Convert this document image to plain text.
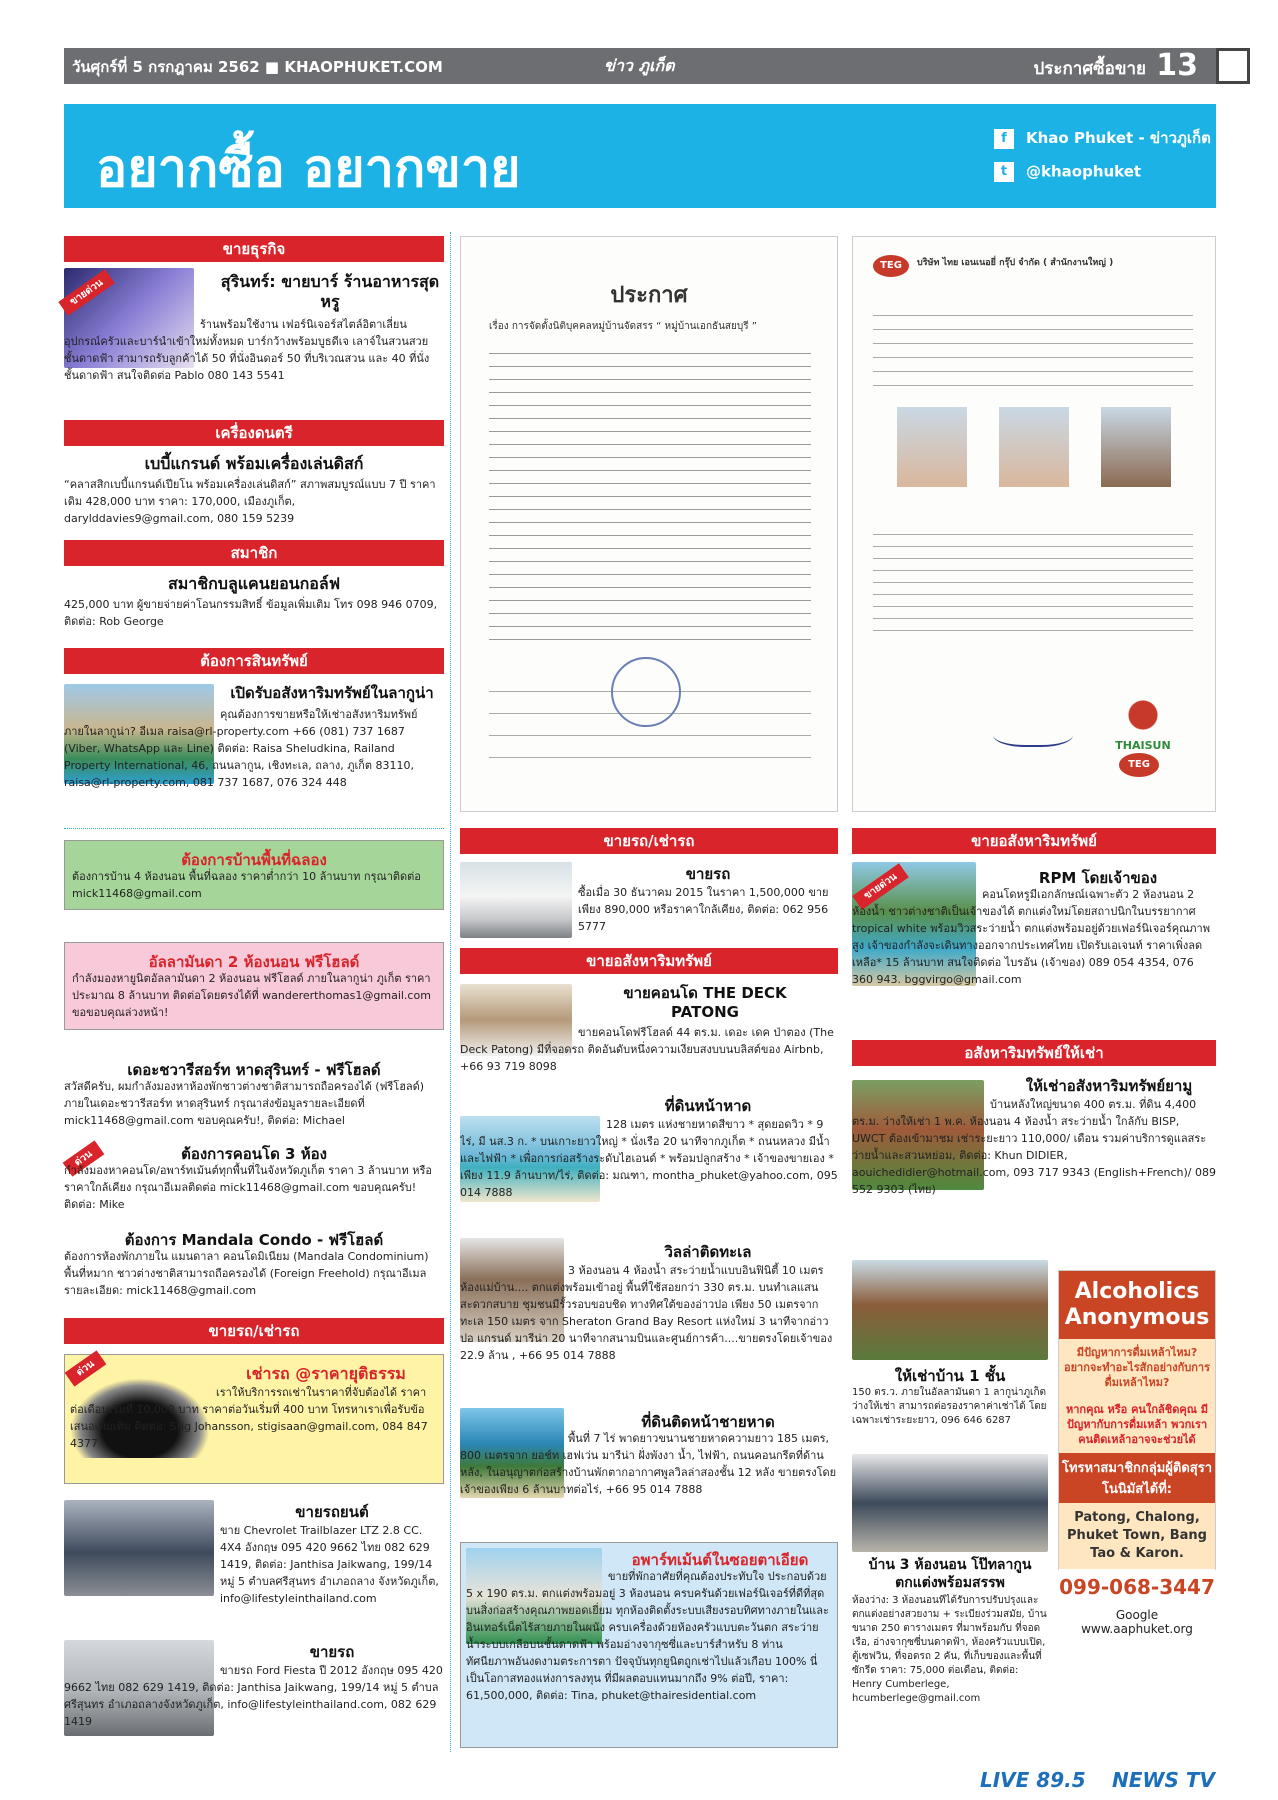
วันศุกร์ที่ 5 กรกฎาคม 2562 ■ KHAOPHUKET.COM	ข่าว ภูเก็ต	ประกาศซื้อขาย 13
อยากซื้อ อยากขาย
f Khao Phuket - ข่าวภูเก็ต
t @khaophuket
ขายธุรกิจ
ขายด่วน	สุรินทร์: ขายบาร์ ร้านอาหารสุดหรู
ร้านพร้อมใช้งาน เฟอร์นิเจอร์สไตล์อิตาเลี่ยน อุปกรณ์ครัวและบาร์นำเข้าใหม่ทั้งหมด บาร์กว้างพร้อมบูธดีเจ เลาจ์ในสวนสวย ชั้นดาดฟ้า สามารถรับลูกค้าได้ 50 ที่นั่งอินดอร์ 50 ที่บริเวณสวน และ 40 ที่นั่งชั้นดาดฟ้า สนใจติดต่อ Pablo 080 143 5541
เครื่องดนตรี
เบบี้แกรนด์ พร้อมเครื่องเล่นดิสก์
“คลาสสิกเบบี้แกรนด์เปียโน พร้อมเครื่องเล่นดิสก์” สภาพสมบูรณ์แบบ 7 ปี ราคาเดิม 428,000 บาท ราคา: 170,000, เมืองภูเก็ต, darylddavies9@gmail.com, 080 159 5239
สมาชิก
สมาชิกบลูแคนยอนกอล์ฟ
425,000 บาท ผู้ขายจ่ายค่าโอนกรรมสิทธิ์ ข้อมูลเพิ่มเติม โทร 098 946 0709, ติดต่อ: Rob George
ต้องการสินทรัพย์
เปิดรับอสังหาริมทรัพย์ในลากูน่า
คุณต้องการขายหรือให้เช่าอสังหาริมทรัพย์ภายในลากูน่า? อีเมล raisa@rl-property.com +66 (081) 737 1687 (Viber, WhatsApp และ Line) ติดต่อ: Raisa Sheludkina, Railand Property International, 46, ถนนลากูน, เชิงทะเล, ถลาง, ภูเก็ต 83110, raisa@rl-property.com, 081 737 1687, 076 324 448
ต้องการบ้านพื้นที่ฉลอง
ต้องการบ้าน 4 ห้องนอน พื้นที่ฉลอง ราคาต่ำกว่า 10 ล้านบาท กรุณาติดต่อ mick11468@gmail.com
อัลลามันดา 2 ห้องนอน ฟรีโฮลด์
กำลังมองหายูนิตอัลลามันดา 2 ห้องนอน ฟรีโฮลด์ ภายในลากูน่า ภูเก็ต ราคาประมาณ 8 ล้านบาท ติดต่อโดยตรงได้ที่ wandererthomas1@gmail.com ขอขอบคุณล่วงหน้า!
เดอะชวารีสอร์ท หาดสุรินทร์ - ฟรีโฮลด์
สวัสดีครับ, ผมกำลังมองหาห้องพักชาวต่างชาติสามารถถือครองได้ (ฟรีโฮลด์) ภายในเดอะชวารีสอร์ท หาดสุรินทร์ กรุณาส่งข้อมูลรายละเอียดที่ mick11468@gmail.com ขอบคุณครับ!, ติดต่อ: Michael
ด่วน	ต้องการคอนโด 3 ห้อง
กำลังมองหาคอนโด/อพาร์ทเม้นต์ทุกพื้นที่ในจังหวัดภูเก็ต ราคา 3 ล้านบาท หรือราคาใกล้เคียง กรุณาอีเมลติดต่อ mick11468@gmail.com ขอบคุณครับ! ติดต่อ: Mike
ต้องการ Mandala Condo - ฟรีโฮลด์
ต้องการห้องพักภายใน แมนดาลา คอนโดมิเนียม (Mandala Condominium) พื้นที่หมาก ชาวต่างชาติสามารถถือครองได้ (Foreign Freehold) กรุณาอีเมล รายละเอียด: mick11468@gmail.com
ขายรถ/เช่ารถ
ด่วน	เช่ารถ @ราคายุติธรรม
เราให้บริการรถเช่าในราคาที่จับต้องได้ ราคาต่อเดือนเริ่มที่ 10,000 บาท ราคาต่อวันเริ่มที่ 400 บาท โทรหาเราเพื่อรับข้อเสนอเพิ่มเติม ติดต่อ: Stig Johansson, stigisaan@gmail.com, 084 847 4377
ขายรถยนต์
ขาย Chevrolet Trailblazer LTZ 2.8 CC. 4X4 อังกฤษ 095 420 9662 ไทย 082 629 1419, ติดต่อ: Janthisa Jaikwang, 199/14 หมู่ 5 ตำบลศรีสุนทร อำเภอถลาง จังหวัดภูเก็ต, info@lifestyleinthailand.com
ขายรถ
ขายรถ Ford Fiesta ปี 2012 อังกฤษ 095 420 9662 ไทย 082 629 1419, ติดต่อ: Janthisa Jaikwang, 199/14 หมู่ 5 ตำบลศรีสุนทร อำเภอถลางจังหวัดภูเก็ต, info@lifestyleinthailand.com, 082 629 1419
ประกาศ
เรื่อง การจัดตั้งนิติบุคคลหมู่บ้านจัดสรร “ หมู่บ้านเอกธันสยบุรี ”
TEG	บริษัท ไทย เอนเนอยี่ กรุ๊ป จำกัด ( สำนักงานใหญ่ )
THAISUN
TEG
ขายรถ/เช่ารถ
ขายรถ
ซื้อเมื่อ 30 ธันวาคม 2015 ในราคา 1,500,000 ขายเพียง 890,000 หรือราคาใกล้เคียง, ติดต่อ: 062 956 5777
ขายอสังหาริมทรัพย์
ขายคอนโด THE DECK PATONG
ขายคอนโดฟรีโฮลด์ 44 ตร.ม. เดอะ เดค ป่าตอง (The Deck Patong) มีที่จอดรถ ติดอันดับหนึ่งความเงียบสงบบนบลิสต์ของ Airbnb, +66 93 719 8098
ที่ดินหน้าหาด
128 เมตร แห่งชายหาดสีขาว * สุดยอดวิว * 9 ไร่, มี นส.3 ก. * บนเกาะยาวใหญ่ * นั่งเรือ 20 นาทีจากภูเก็ต * ถนนหลวง มีน้ำและไฟฟ้า * เพื่อการก่อสร้างระดับไฮเอนด์ * พร้อมปลูกสร้าง * เจ้าของขายเอง * เพียง 11.9 ล้านบาท/ไร่, ติดต่อ: มณฑา, montha_phuket@yahoo.com, 095 014 7888
วิลล่าติดทะเล
3 ห้องนอน 4 ห้องน้ำ สระว่ายน้ำแบบอินฟินิตี้ 10 เมตร ห้องแม่บ้าน.... ตกแต่งพร้อมเข้าอยู่ พื้นที่ใช้สอยกว่า 330 ตร.ม. บนทำเลแสนสะดวกสบาย ชุมชนมีรั้วรอบขอบชิด ทางทิศใต้ของอ่าวปอ เพียง 50 เมตรจากทะเล 150 เมตร จาก Sheraton Grand Bay Resort แห่งใหม่ 3 นาทีจากอ่าวปอ แกรนด์ มารีน่า 20 นาทีจากสนามบินและศูนย์การค้า....ขายตรงโดยเจ้าของ 22.9 ล้าน , +66 95 014 7888
ที่ดินติดหน้าชายหาด
พื้นที่ 7 ไร่ พาดยาวขนานชายหาดความยาว 185 เมตร, 800 เมตรจาก ยอช์ท เฮฟเว่น มารีน่า ฝั่งพังงา น้ำ, ไฟฟ้า, ถนนคอนกรีตที่ด้านหลัง, ในอนุญาตก่อสร้างบ้านพักตากอากาศพูลวิลล่าสองชั้น 12 หลัง ขายตรงโดยเจ้าของเพียง 6 ล้านบาทต่อไร่, +66 95 014 7888
อพาร์ทเม้นต์ในซอยตาเอียด
ขายที่พักอาศัยที่คุณต้องประทับใจ ประกอบด้วย 5 x 190 ตร.ม. ตกแต่งพร้อมอยู่ 3 ห้องนอน ครบครันด้วยเฟอร์นิเจอร์ที่ดีที่สุดบนสิ่งก่อสร้างคุณภาพยอดเยี่ยม ทุกห้องติดตั้งระบบเสียงรอบทิศทางภายในและอินเทอร์เน็ตไร้สายภายในผนัง ครบเครื่องด้วยห้องครัวแบบตะวันตก สระว่ายน้ำระบบเกลือบนชั้นดาดฟ้า พร้อมอ่างจากุซซี่และบาร์สำหรับ 8 ท่าน ทัศนียภาพอันงดงามตระการตา ปัจจุบันทุกยูนิตถูกเช่าไปแล้วเกือบ 100% นี่เป็นโอกาสทองแห่งการลงทุน ที่มีผลตอบแทนมากถึง 9% ต่อปี, ราคา: 61,500,000, ติดต่อ: Tina, phuket@thairesidential.com
ขายอสังหาริมทรัพย์
ขายด่วน	RPM โดยเจ้าของ
คอนโดหรูมีเอกลักษณ์เฉพาะตัว 2 ห้องนอน 2 ห้องน้ำ ชาวต่างชาติเป็นเจ้าของได้ ตกแต่งใหม่โดยสถาปนิกในบรรยากาศ tropical white พร้อมวิวสระว่ายน้ำ ตกแต่งพร้อมอยู่ด้วยเฟอร์นิเจอร์คุณภาพสูง เจ้าของกำลังจะเดินทางออกจากประเทศไทย เปิดรับเอเจนท์ ราคาเพิ่งลดเหลือ* 15 ล้านบาท สนใจติดต่อ ไบรอัน (เจ้าของ) 089 054 4354, 076 360 943. bggvirgo@gmail.com
อสังหาริมทรัพย์ให้เช่า
ให้เช่าอสังหาริมทรัพย์ยามู
บ้านหลังใหญ่ขนาด 400 ตร.ม. ที่ดิน 4,400 ตร.ม. ว่างให้เช่า 1 พ.ค. ห้องนอน 4 ห้องน้ำ สระว่ายน้ำ ใกล้กับ BISP, UWCT ต้องเข้ามาชม เช่าระยะยาว 110,000/ เดือน รวมค่าบริการดูแลสระว่ายน้ำและสวนหย่อม, ติดต่อ: Khun DIDIER, aouichedidier@hotmail.com, 093 717 9343 (English+French)/ 089 552 9303 (ไทย)
ให้เช่าบ้าน 1 ชั้น
150 ตร.ว. ภายในอัลลามันดา 1 ลากูน่าภูเก็ต ว่างให้เช่า สามารถต่อรองราคาค่าเช่าได้ โดยเฉพาะเช่าระยะยาว, 096 646 6287
บ้าน 3 ห้องนอน โป๊ทลากูน ตกแต่งพร้อมสรรพ
ห้องว่าง: 3 ห้องนอนที่ได้รับการปรับปรุงและตกแต่งอย่างสวยงาม + ระเบียงร่วมสมัย, บ้านขนาด 250 ตารางเมตร ที่มาพร้อมกับ ที่จอดเรือ, อ่างจากุซซี่บนดาดฟ้า, ห้องครัวแบบเปิด, ตู้เซฟวิน, ที่จอดรถ 2 คัน, ที่เก็บของและพื้นที่ซักรีด ราคา: 75,000 ต่อเดือน, ติดต่อ: Henry Cumberlege, hcumberlege@gmail.com
Alcoholics Anonymous
มีปัญหาการดื่มเหล้าไหม? อยากจะทำอะไรสักอย่างกับการดื่มเหล้าไหม?
หากคุณ หรือ คนใกล้ชิดคุณ มีปัญหากับการดื่มเหล้า พวกเราคนติดเหล้าอาจจะช่วยได้
โทรหาสมาชิกกลุ่มผู้ติดสุราโนนิมัสได้ที่:
Patong, Chalong, Phuket Town, Bang Tao & Karon.
099-068-3447
Google www.aaphuket.org
LIVE 89.5 NEWS TV
